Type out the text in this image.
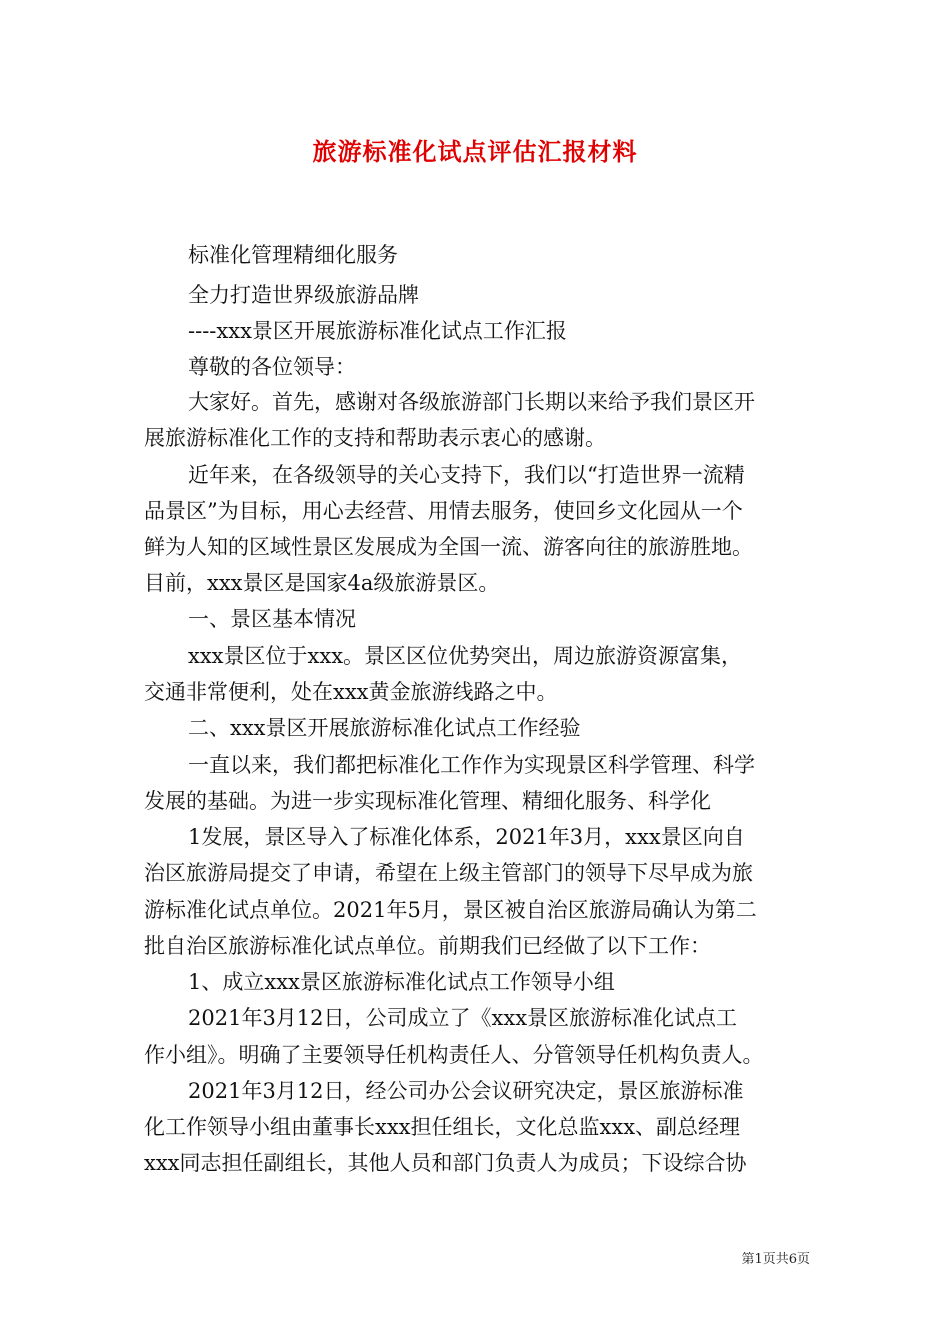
旅游标准化试点评估汇报材料

标准化管理精细化服务

全力打造世界级旅游品牌

----xxx景区开展旅游标准化试点工作汇报

尊敬的各位领导：

大家好。首先，感谢对各级旅游部门长期以来给予我们景区开

展旅游标准化工作的支持和帮助表示衷心的感谢。

近年来，在各级领导的关心支持下，我们以“打造世界一流精

品景区”为目标，用心去经营、用情去服务，使回乡文化园从一个

鲜为人知的区域性景区发展成为全国一流、游客向往的旅游胜地。

目前，xxx景区是国家4a级旅游景区。

一、景区基本情况

xxx景区位于xxx。景区区位优势突出，周边旅游资源富集，

交通非常便利，处在xxx黄金旅游线路之中。

二、xxx景区开展旅游标准化试点工作经验

一直以来，我们都把标准化工作作为实现景区科学管理、科学

发展的基础。为进一步实现标准化管理、精细化服务、科学化

1发展，景区导入了标准化体系，2021年3月，xxx景区向自

治区旅游局提交了申请，希望在上级主管部门的领导下尽早成为旅

游标准化试点单位。2021年5月，景区被自治区旅游局确认为第二

批自治区旅游标准化试点单位。前期我们已经做了以下工作：

1、成立xxx景区旅游标准化试点工作领导小组

2021年3月12日，公司成立了《xxx景区旅游标准化试点工

作小组》。明确了主要领导任机构责任人、分管领导任机构负责人。

2021年3月12日，经公司办公会议研究决定，景区旅游标准

化工作领导小组由董事长xxx担任组长，文化总监xxx、副总经理

xxx同志担任副组长，其他人员和部门负责人为成员；下设综合协

第1页共6页
